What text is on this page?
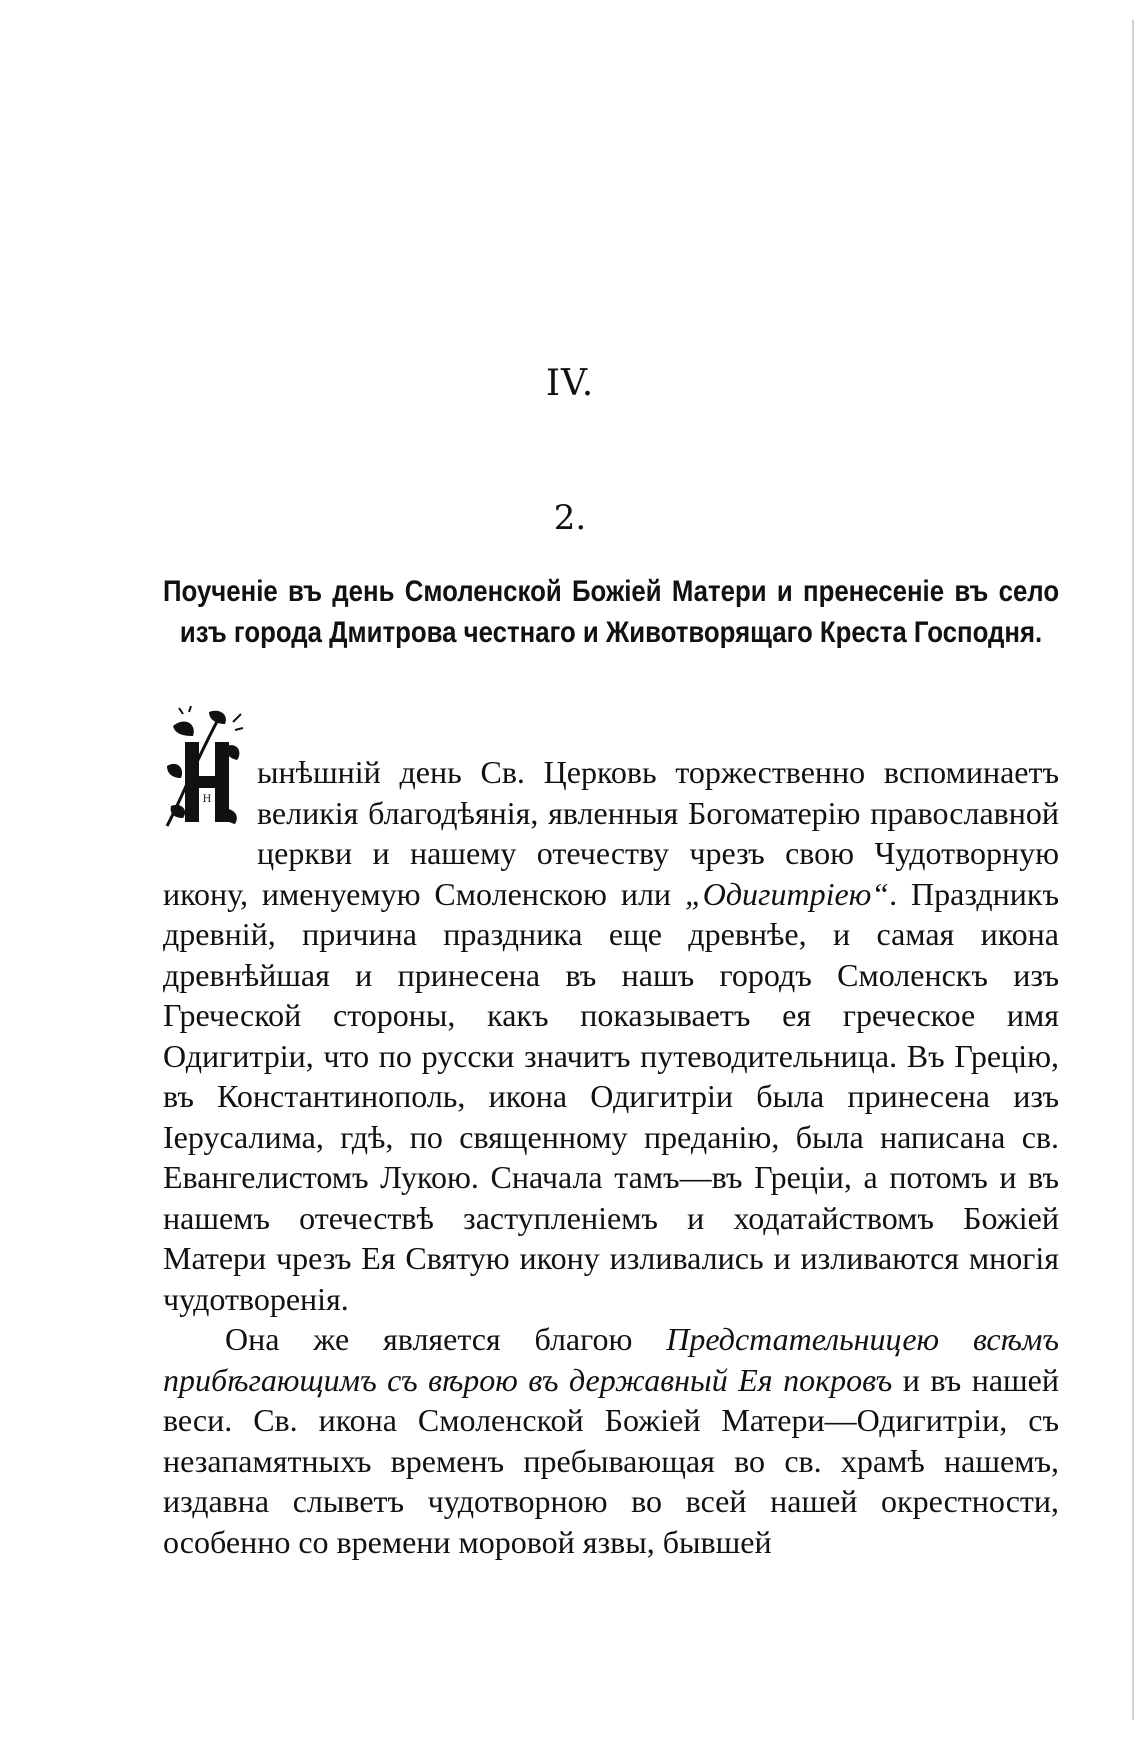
IV.
2.
Поученіе въ день Смоленской Божіей Матери и пренесеніе въ село изъ города Дмитрова честнаго и Животворящаго Креста Господня.

Н
ынѣшній день Св. Церковь торжественно вспоминаетъ великія благодѣянія, явленныя Богоматерію православной церкви и нашему отечеству чрезъ свою Чудотворную икону, именуемую Смоленскою или „Одигитріею“. Праздникъ древній, причина праздника еще древнѣе, и самая икона древнѣйшая и принесена въ нашъ городъ Смоленскъ изъ Греческой стороны, какъ показываетъ ея греческое имя Одигитріи, что по русски значитъ путеводительница. Въ Грецію, въ Константинополь, икона Одигитріи была принесена изъ Іерусалима, гдѣ, по священному преданію, была написана св. Евангелистомъ Лукою. Сначала тамъ—въ Греціи, а потомъ и въ нашемъ отечествѣ заступленіемъ и ходатайствомъ Божіей Матери чрезъ Ея Святую икону изливались и изливаются многія чудотворенія.

Она же является благою Предстательницею всѣмъ прибѣгающимъ съ вѣрою въ державный Ея покровъ и въ нашей веси. Св. икона Смоленской Божіей Матери—Одигитріи, съ незапамятныхъ временъ пребывающая во св. храмѣ нашемъ, издавна слыветъ чудотворною во всей нашей окрестности, особенно со времени моровой язвы, бывшей
